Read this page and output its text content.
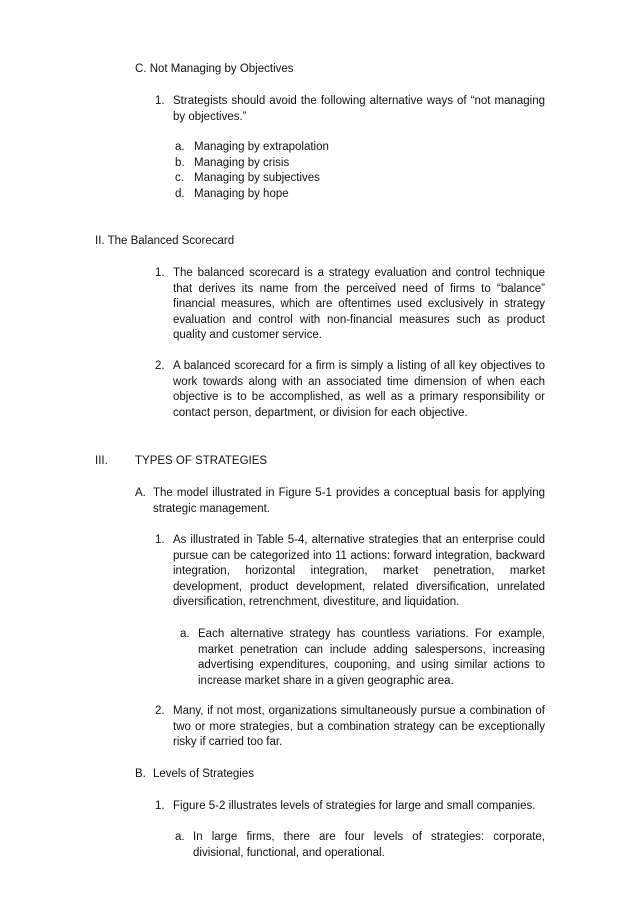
C. Not Managing by Objectives
1. Strategists should avoid the following alternative ways of “not managing by objectives.”
a. Managing by extrapolation
b. Managing by crisis
c. Managing by subjectives
d. Managing by hope
II. The Balanced Scorecard
1. The balanced scorecard is a strategy evaluation and control technique that derives its name from the perceived need of firms to “balance” financial measures, which are oftentimes used exclusively in strategy evaluation and control with non-financial measures such as product quality and customer service.
2. A balanced scorecard for a firm is simply a listing of all key objectives to work towards along with an associated time dimension of when each objective is to be accomplished, as well as a primary responsibility or contact person, department, or division for each objective.
III. TYPES OF STRATEGIES
A. The model illustrated in Figure 5-1 provides a conceptual basis for applying strategic management.
1. As illustrated in Table 5-4, alternative strategies that an enterprise could pursue can be categorized into 11 actions: forward integration, backward integration, horizontal integration, market penetration, market development, product development, related diversification, unrelated diversification, retrenchment, divestiture, and liquidation.
a. Each alternative strategy has countless variations. For example, market penetration can include adding salespersons, increasing advertising expenditures, couponing, and using similar actions to increase market share in a given geographic area.
2. Many, if not most, organizations simultaneously pursue a combination of two or more strategies, but a combination strategy can be exceptionally risky if carried too far.
B. Levels of Strategies
1. Figure 5-2 illustrates levels of strategies for large and small companies.
a. In large firms, there are four levels of strategies: corporate, divisional, functional, and operational.
